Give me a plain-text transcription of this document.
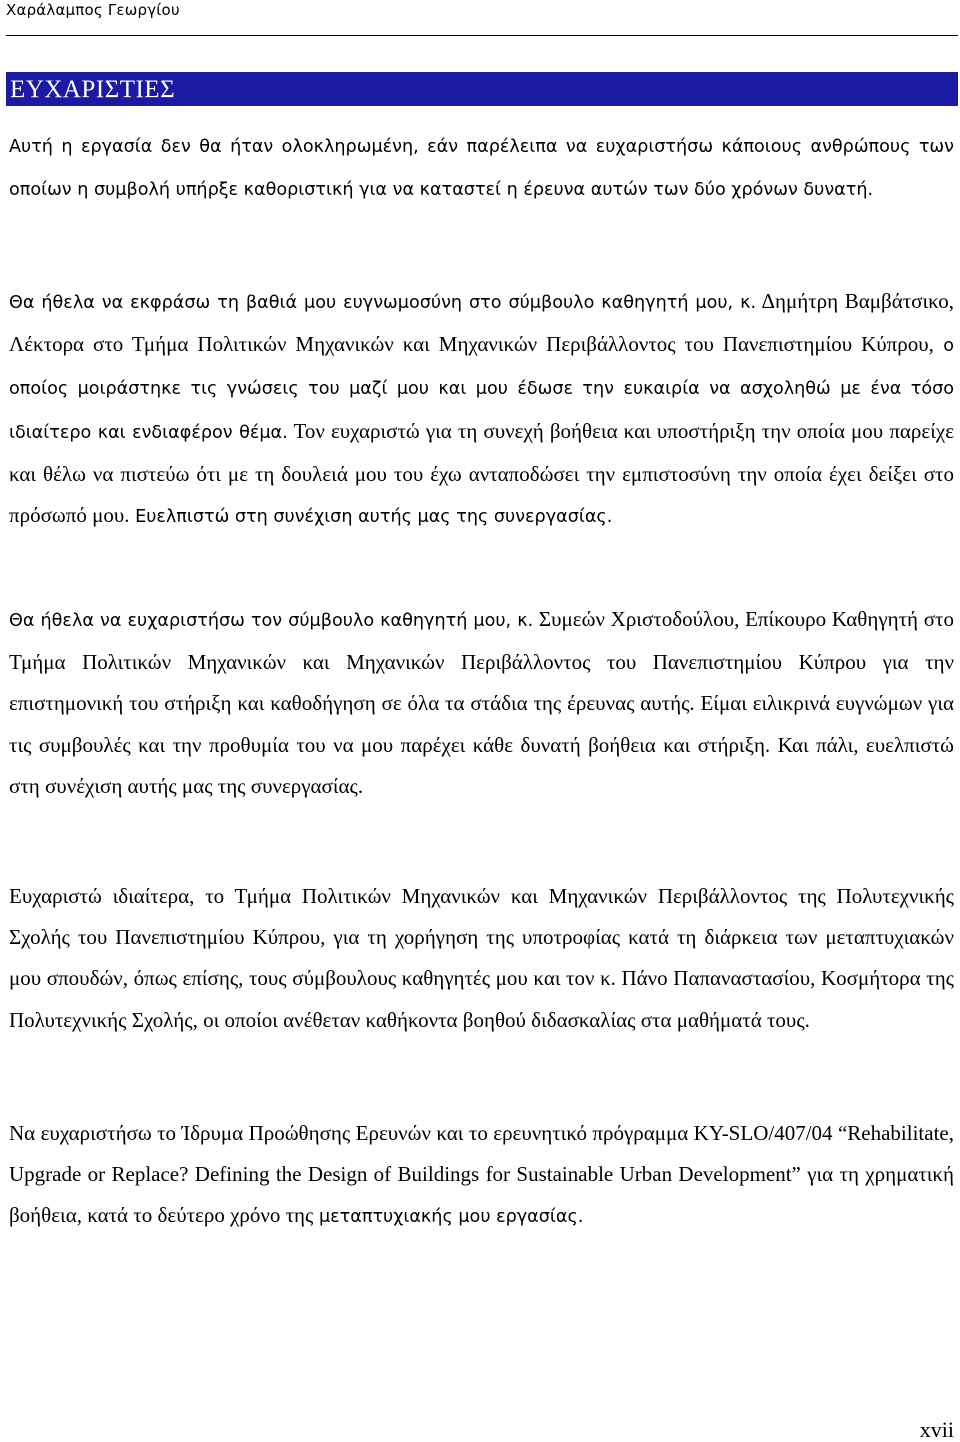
Χαράλαμπος Γεωργίου
ΕΥΧΑΡΙΣΤΙΕΣ

Αυτή η εργασία δεν θα ήταν ολοκληρωμένη, εάν παρέλειπα να ευχαριστήσω κάποιους ανθρώπους των οποίων η συμβολή υπήρξε καθοριστική για να καταστεί η έρευνα αυτών των δύο χρόνων δυνατή.

Θα ήθελα να εκφράσω τη βαθιά μου ευγνωμοσύνη στο σύμβουλο καθηγητή μου, κ. Δημήτρη Βαμβάτσικο, Λέκτορα στο Τμήμα Πολιτικών Μηχανικών και Μηχανικών Περιβάλλοντος του Πανεπιστημίου Κύπρου, ο οποίος μοιράστηκε τις γνώσεις του μαζί μου και μου έδωσε την ευκαιρία να ασχοληθώ με ένα τόσο ιδιαίτερο και ενδιαφέρον θέμα. Τον ευχαριστώ για τη συνεχή βοήθεια και υποστήριξη την οποία μου παρείχε και θέλω να πιστεύω ότι με τη δουλειά μου του έχω ανταποδώσει την εμπιστοσύνη την οποία έχει δείξει στο πρόσωπό μου. Ευελπιστώ στη συνέχιση αυτής μας της συνεργασίας.

Θα ήθελα να ευχαριστήσω τον σύμβουλο καθηγητή μου, κ. Συμεών Χριστοδούλου, Επίκουρο Καθηγητή στο Τμήμα Πολιτικών Μηχανικών και Μηχανικών Περιβάλλοντος του Πανεπιστημίου Κύπρου για την επιστημονική του στήριξη και καθοδήγηση σε όλα τα στάδια της έρευνας αυτής. Είμαι ειλικρινά ευγνώμων για τις συμβουλές και την προθυμία του να μου παρέχει κάθε δυνατή βοήθεια και στήριξη. Και πάλι, ευελπιστώ στη συνέχιση αυτής μας της συνεργασίας.

Ευχαριστώ ιδιαίτερα, το Τμήμα Πολιτικών Μηχανικών και Μηχανικών Περιβάλλοντος της Πολυτεχνικής Σχολής του Πανεπιστημίου Κύπρου, για τη χορήγηση της υποτροφίας κατά τη διάρκεια των μεταπτυχιακών μου σπουδών, όπως επίσης, τους σύμβουλους καθηγητές μου και τον κ. Πάνο Παπαναστασίου, Κοσμήτορα της Πολυτεχνικής Σχολής, οι οποίοι ανέθεταν καθήκοντα βοηθού διδασκαλίας στα μαθήματά τους.

Να ευχαριστήσω το Ίδρυμα Προώθησης Ερευνών και το ερευνητικό πρόγραμμα ΚΥ-SLO/407/04 “Rehabilitate, Upgrade or Replace? Defining the Design of Buildings for Sustainable Urban Development” για τη χρηματική βοήθεια, κατά το δεύτερο χρόνο της μεταπτυχιακής μου εργασίας.

xvii
